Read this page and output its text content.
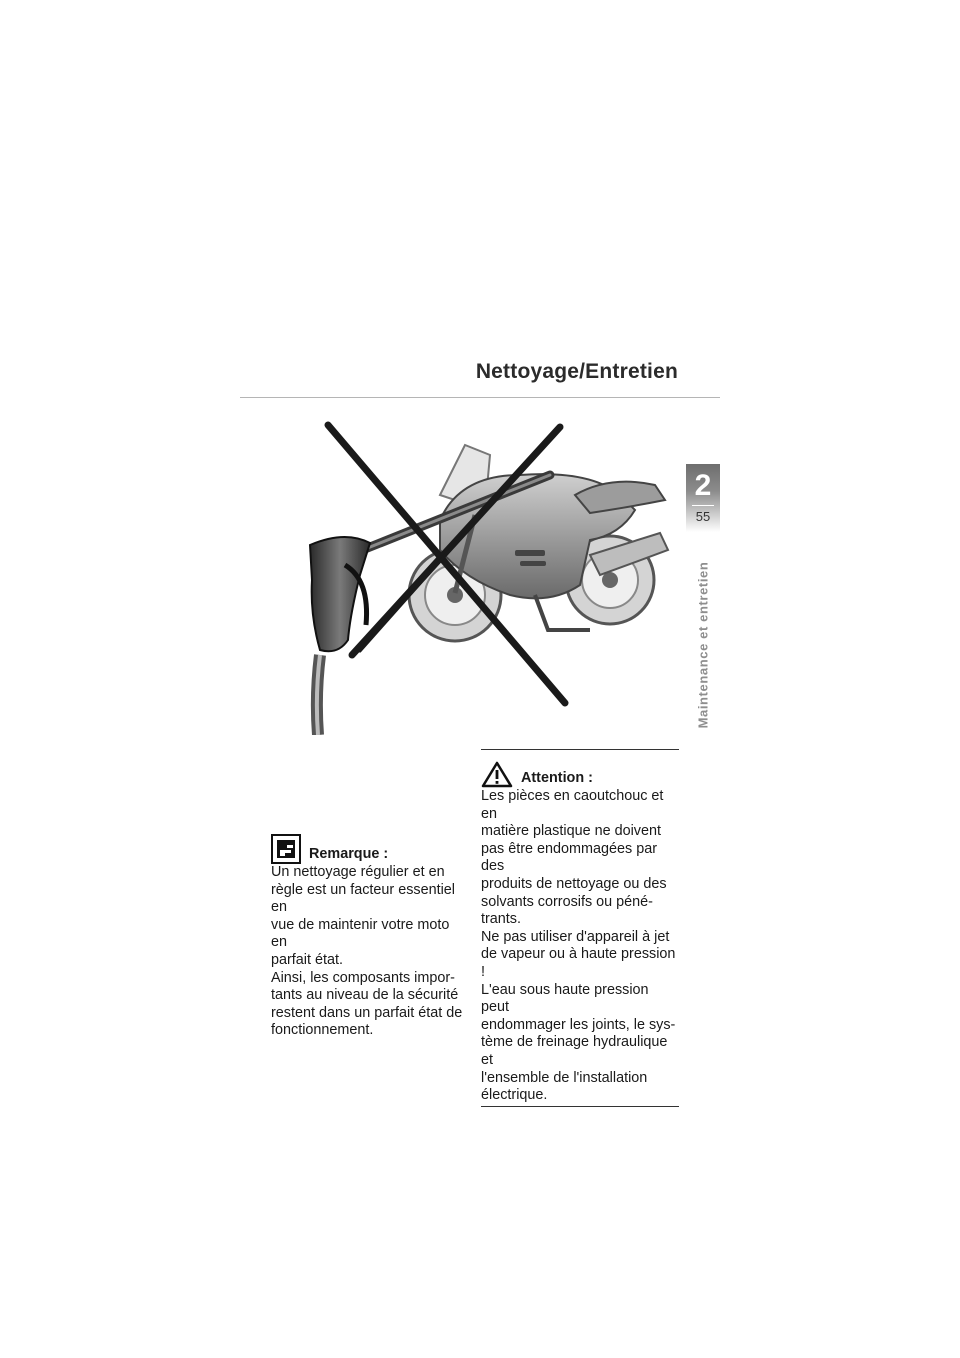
Nettoyage/Entretien
2
55
Maintenance et entretien
Remarque :
Un nettoyage régulier et en
règle est un facteur essentiel en
vue de maintenir votre moto en
parfait état.
Ainsi, les composants impor-
tants au niveau de la sécurité
restent dans un parfait état de
fonctionnement.
Attention :
Les pièces en caoutchouc et en
matière plastique ne doivent
pas être endommagées par des
produits de nettoyage ou des
solvants corrosifs ou péné-
trants.
Ne pas utiliser d'appareil à jet
de vapeur ou à haute pression !
L'eau sous haute pression peut
endommager les joints, le sys-
tème de freinage hydraulique et
l'ensemble de l'installation
électrique.
